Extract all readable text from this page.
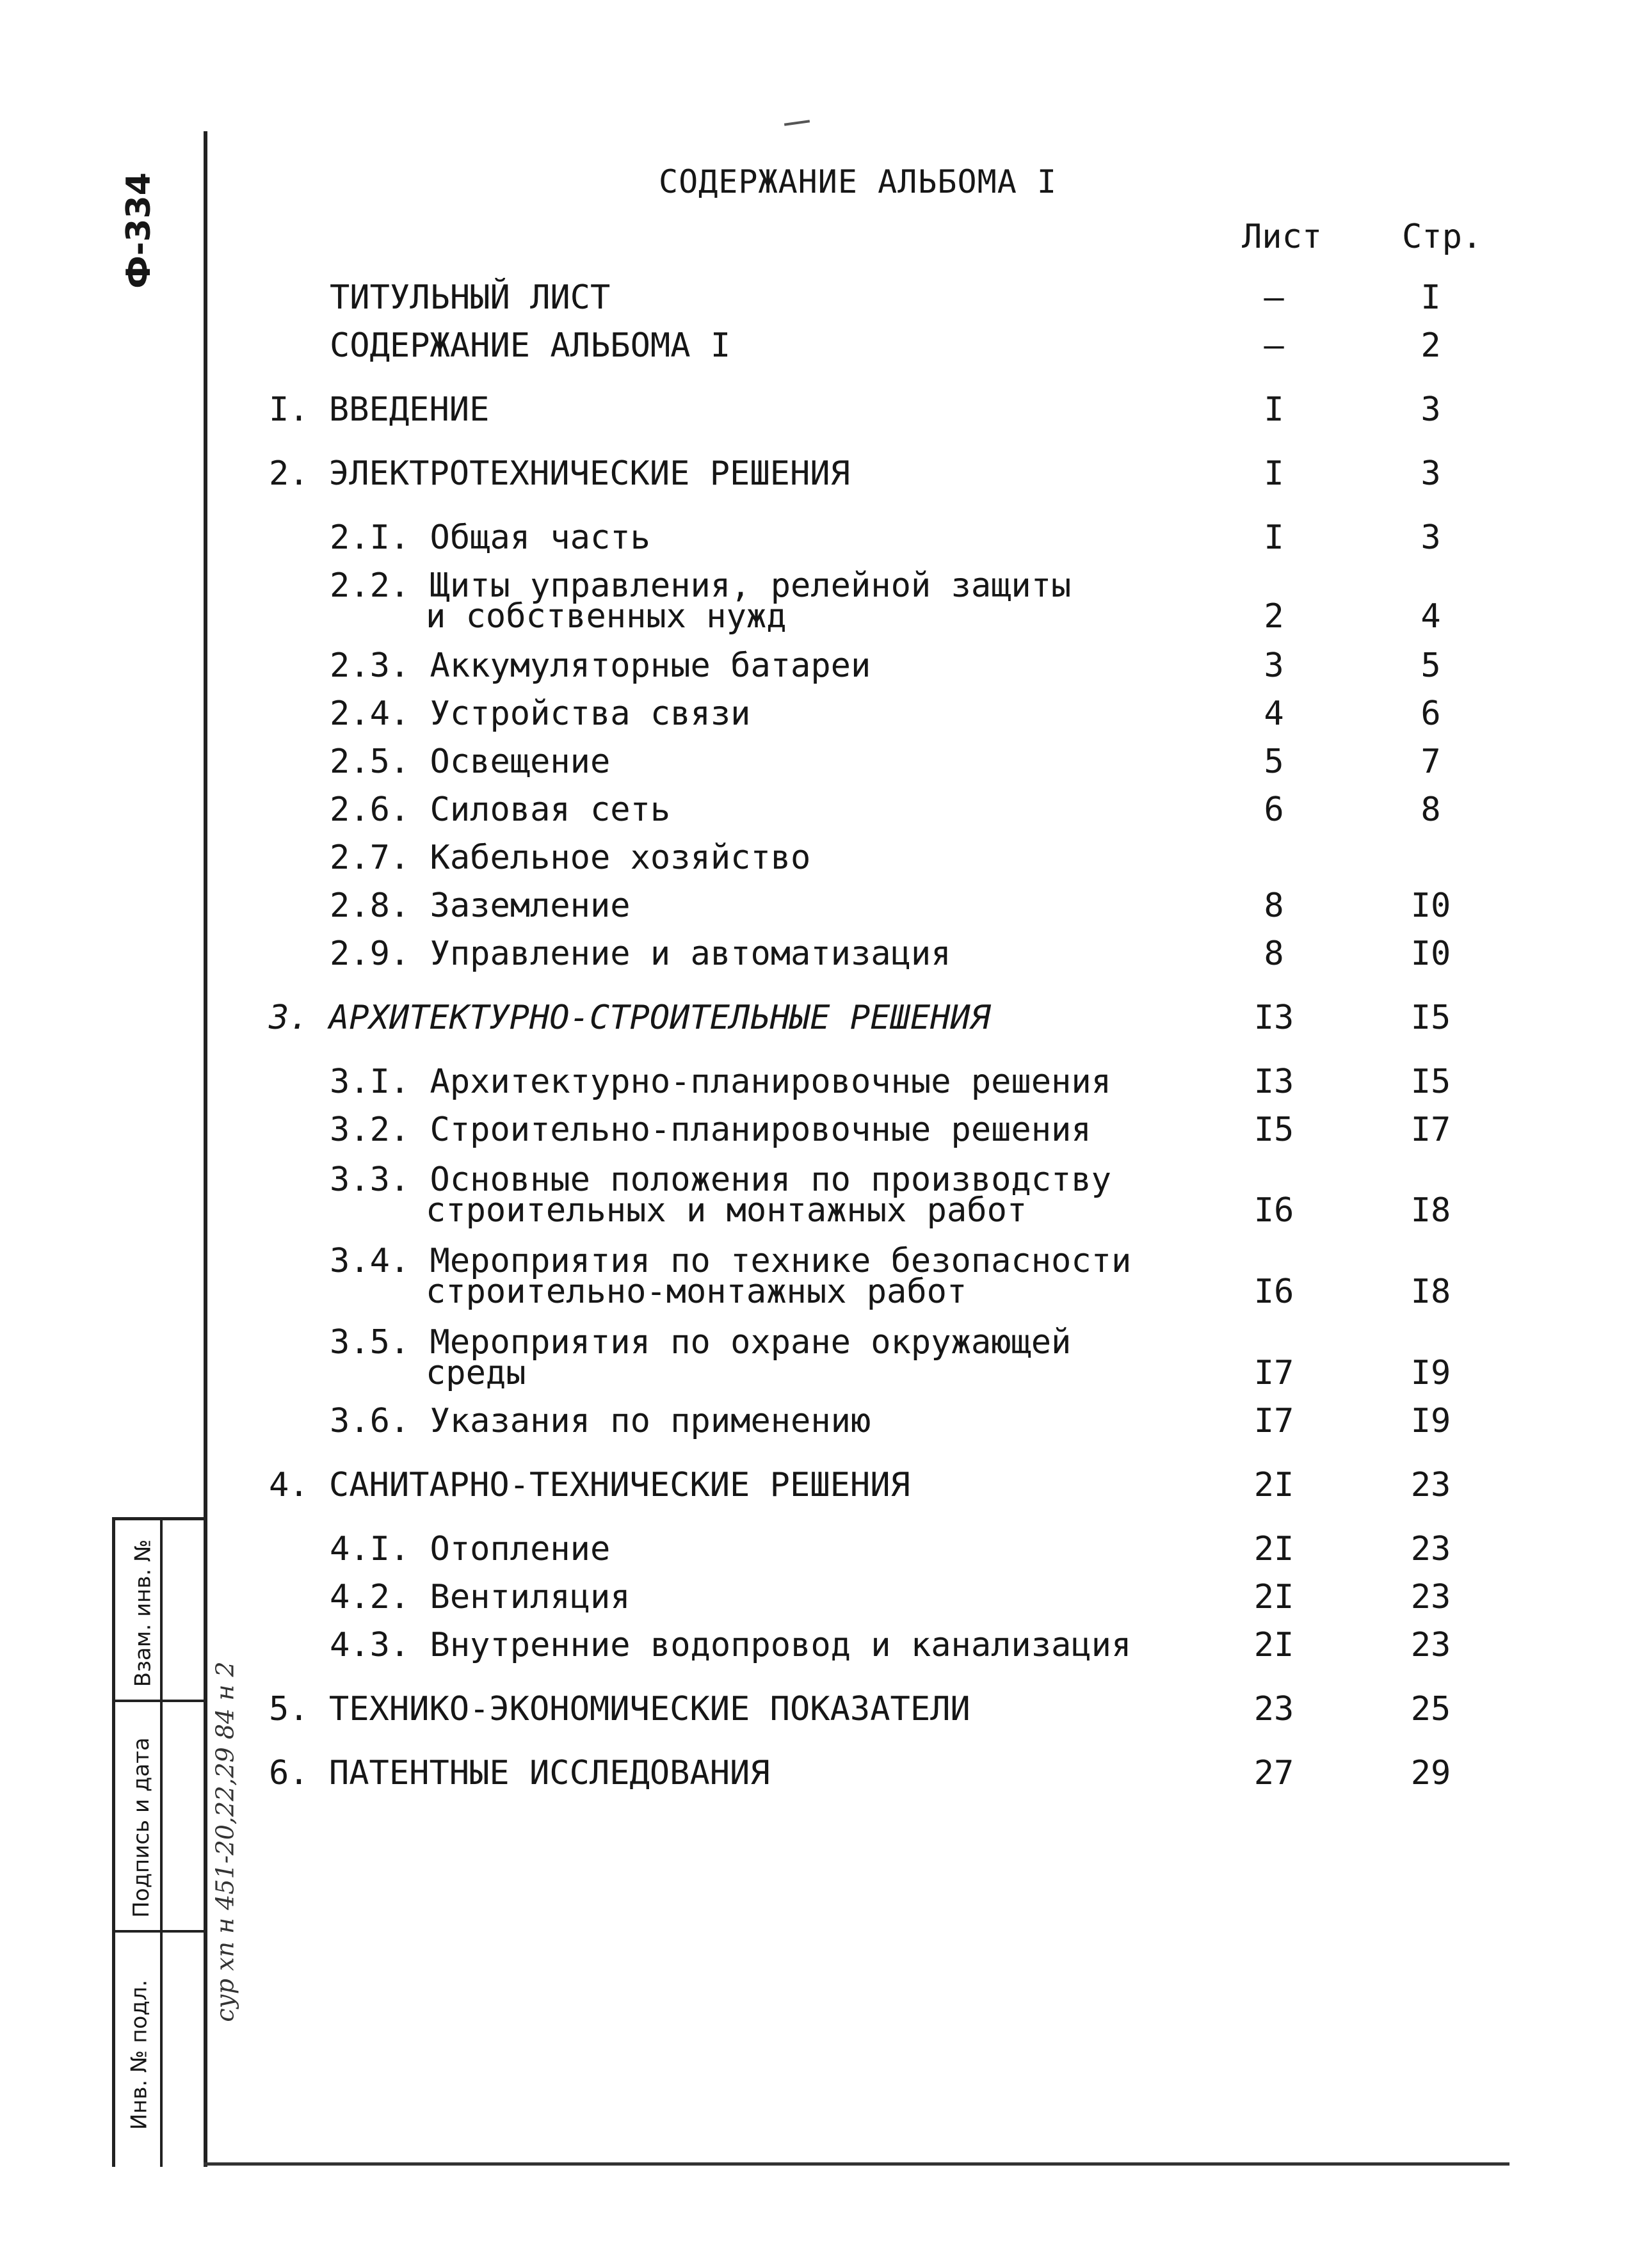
Ф-334
Взам. инв. №
Подпись и дата
Инв. № подл.
сур хп н 451-20,22,29 84 н 2
СОДЕРЖАНИЕ АЛЬБОМА I
Лист Стр.
ТИТУЛЬНЫЙ ЛИСТ	–	I
СОДЕРЖАНИЕ АЛЬБОМА I	–	2
I. ВВЕДЕНИЕ	I	3
2. ЭЛЕКТРОТЕХНИЧЕСКИЕ РЕШЕНИЯ	I	3
2.I. Общая часть	I	3
2.2. Щиты управления, релейной защиты
и собственных нужд	2	4
2.3. Аккумуляторные батареи	3	5
2.4. Устройства связи	4	6
2.5. Освещение	5	7
2.6. Силовая сеть	6	8
2.7. Кабельное хозяйство
2.8. Заземление	8	I0
2.9. Управление и автоматизация	8	I0
3. АРХИТЕКТУРНО-СТРОИТЕЛЬНЫЕ РЕШЕНИЯ	I3	I5
3.I. Архитектурно-планировочные решения	I3	I5
3.2. Строительно-планировочные решения	I5	I7
3.3. Основные положения по производству
строительных и монтажных работ	I6	I8
3.4. Мероприятия по технике безопасности
строительно-монтажных работ	I6	I8
3.5. Мероприятия по охране окружающей
среды	I7	I9
3.6. Указания по применению	I7	I9
4. САНИТАРНО-ТЕХНИЧЕСКИЕ РЕШЕНИЯ	2I	23
4.I. Отопление	2I	23
4.2. Вентиляция	2I	23
4.3. Внутренние водопровод и канализация	2I	23
5. ТЕХНИКО-ЭКОНОМИЧЕСКИЕ ПОКАЗАТЕЛИ	23	25
6. ПАТЕНТНЫЕ ИССЛЕДОВАНИЯ	27	29
